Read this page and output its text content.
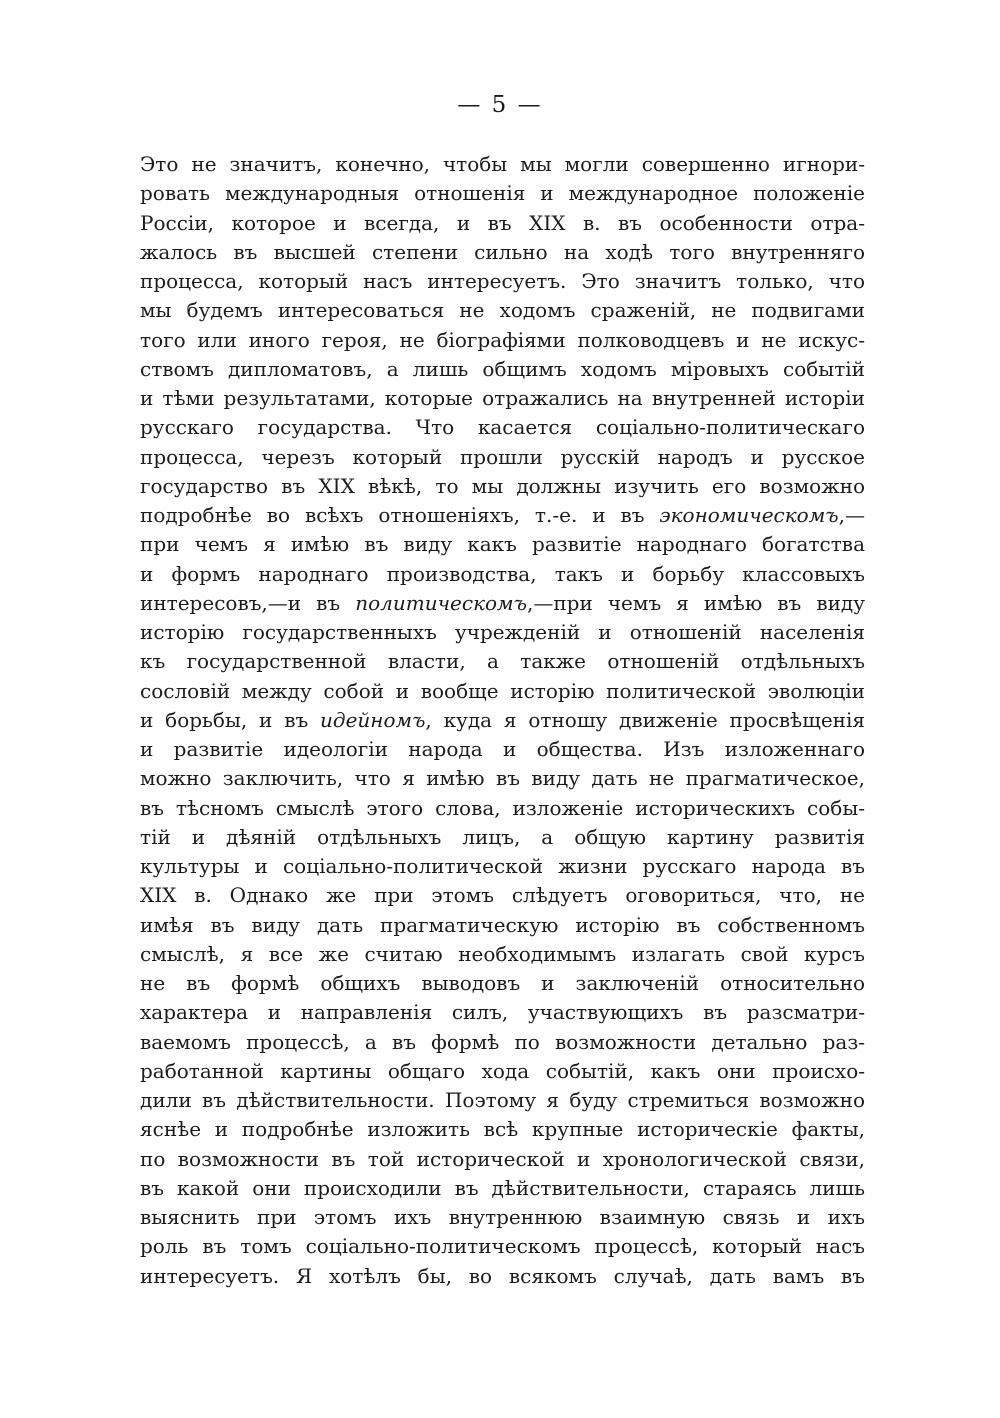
— 5 —
Это не значитъ, конечно, чтобы мы могли совершенно игнори-
ровать международныя отношенія и международное положеніе
Россіи, которое и всегда, и въ XIX в. въ особенности отра-
жалось въ высшей степени сильно на ходѣ того внутренняго
процесса, который насъ интересуетъ. Это значитъ только, что
мы будемъ интересоваться не ходомъ сраженій, не подвигами
того или иного героя, не біографіями полководцевъ и не искус-
ствомъ дипломатовъ, а лишь общимъ ходомъ міровыхъ событій
и тѣми результатами, которые отражались на внутренней исторіи
русскаго государства. Что касается соціально-политическаго
процесса, черезъ который прошли русскій народъ и русское
государство въ XIX вѣкѣ, то мы должны изучить его возможно
подробнѣе во всѣхъ отношеніяхъ, т.-е. и въ экономическомъ,—
при чемъ я имѣю въ виду какъ развитіе народнаго богатства
и формъ народнаго производства, такъ и борьбу классовыхъ
интересовъ,—и въ политическомъ,—при чемъ я имѣю въ виду
исторію государственныхъ учрежденій и отношеній населенія
къ государственной власти, а также отношеній отдѣльныхъ
сословій между собой и вообще исторію политической эволюціи
и борьбы, и въ идейномъ, куда я отношу движеніе просвѣщенія
и развитіе идеологіи народа и общества. Изъ изложеннаго
можно заключить, что я имѣю въ виду дать не прагматическое,
въ тѣсномъ смыслѣ этого слова, изложеніе историческихъ собы-
тій и дѣяній отдѣльныхъ лицъ, а общую картину развитія
культуры и соціально-политической жизни русскаго народа въ
XIX в. Однако же при этомъ слѣдуетъ оговориться, что, не
имѣя въ виду дать прагматическую исторію въ собственномъ
смыслѣ, я все же считаю необходимымъ излагать свой курсъ
не въ формѣ общихъ выводовъ и заключеній относительно
характера и направленія силъ, участвующихъ въ разсматри-
ваемомъ процессѣ, а въ формѣ по возможности детально раз-
работанной картины общаго хода событій, какъ они происхо-
дили въ дѣйствительности. Поэтому я буду стремиться возможно
яснѣе и подробнѣе изложить всѣ крупные историческіе факты,
по возможности въ той исторической и хронологической связи,
въ какой они происходили въ дѣйствительности, стараясь лишь
выяснить при этомъ ихъ внутреннюю взаимную связь и ихъ
роль въ томъ соціально-политическомъ процессѣ, который насъ
интересуетъ. Я хотѣлъ бы, во всякомъ случаѣ, дать вамъ въ
